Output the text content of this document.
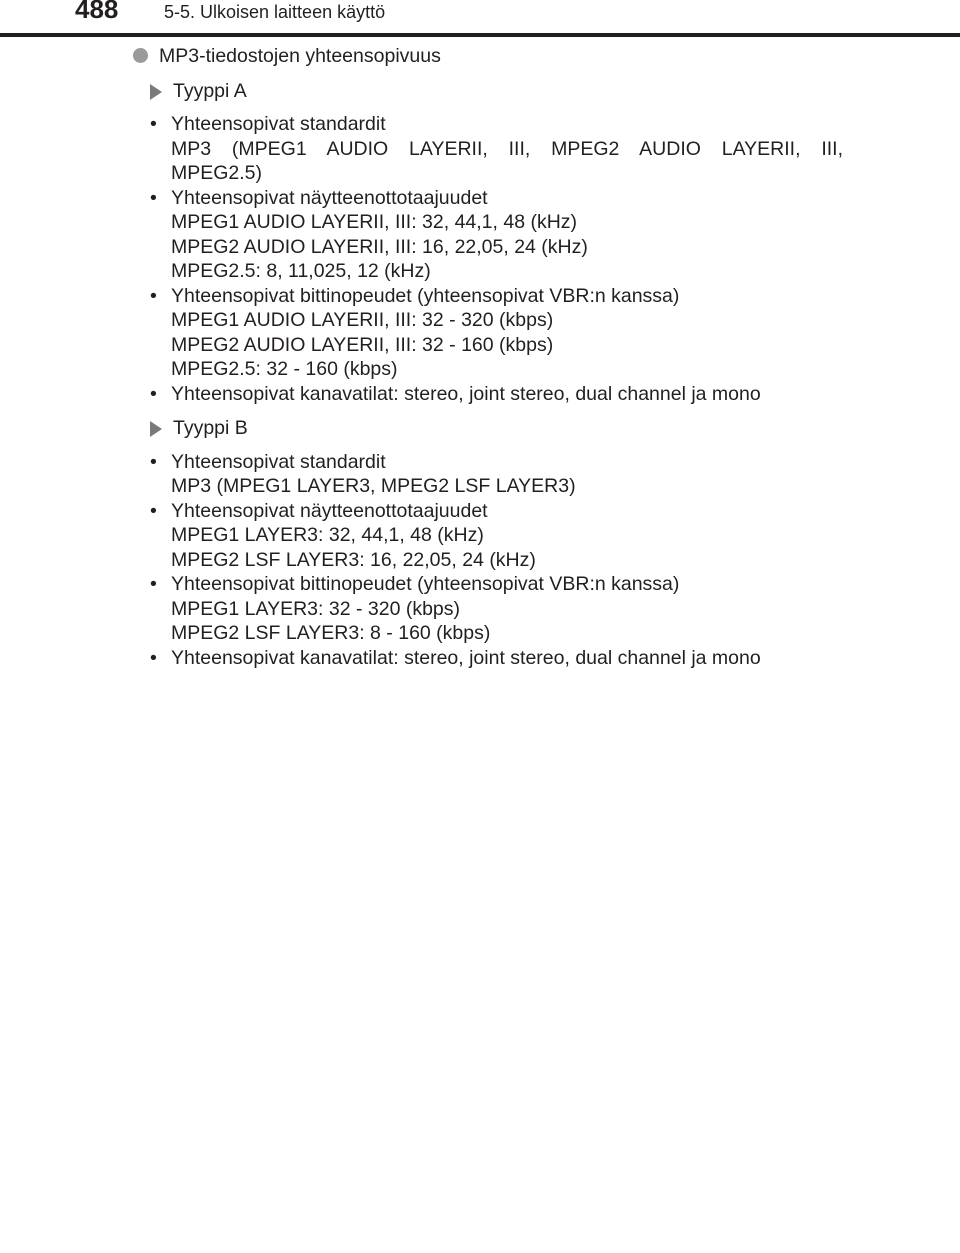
488	5-5. Ulkoisen laitteen käyttö
MP3-tiedostojen yhteensopivuus
Tyyppi A
• Yhteensopivat standardit
MP3 (MPEG1 AUDIO LAYERII, III, MPEG2 AUDIO LAYERII, III,
MPEG2.5)
• Yhteensopivat näytteenottotaajuudet
MPEG1 AUDIO LAYERII, III: 32, 44,1, 48 (kHz)
MPEG2 AUDIO LAYERII, III: 16, 22,05, 24 (kHz)
MPEG2.5: 8, 11,025, 12 (kHz)
• Yhteensopivat bittinopeudet (yhteensopivat VBR:n kanssa)
MPEG1 AUDIO LAYERII, III: 32 - 320 (kbps)
MPEG2 AUDIO LAYERII, III: 32 - 160 (kbps)
MPEG2.5: 32 - 160 (kbps)
• Yhteensopivat kanavatilat: stereo, joint stereo, dual channel ja mono
Tyyppi B
• Yhteensopivat standardit
MP3 (MPEG1 LAYER3, MPEG2 LSF LAYER3)
• Yhteensopivat näytteenottotaajuudet
MPEG1 LAYER3: 32, 44,1, 48 (kHz)
MPEG2 LSF LAYER3: 16, 22,05, 24 (kHz)
• Yhteensopivat bittinopeudet (yhteensopivat VBR:n kanssa)
MPEG1 LAYER3: 32 - 320 (kbps)
MPEG2 LSF LAYER3: 8 - 160 (kbps)
• Yhteensopivat kanavatilat: stereo, joint stereo, dual channel ja mono
